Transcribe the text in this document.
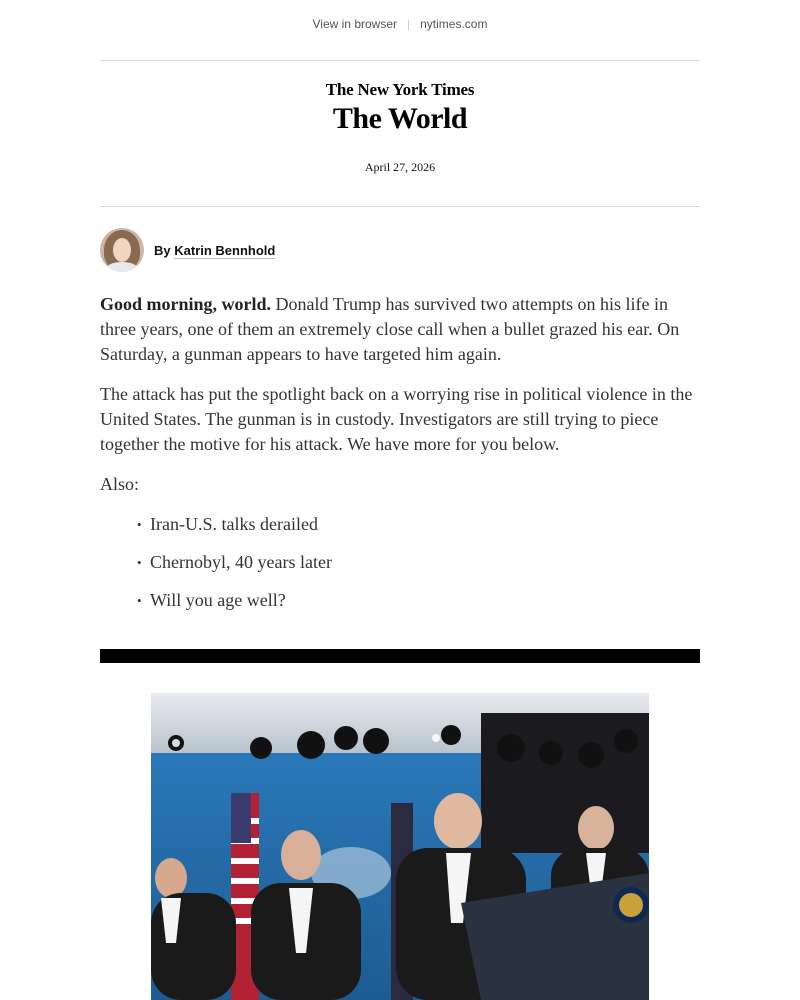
View in browser | nytimes.com
The New York Times
The World
April 27, 2026
By Katrin Bennhold

Good morning, world. Donald Trump has survived two attempts on his life in three years, one of them an extremely close call when a bullet grazed his ear. On Saturday, a gunman appears to have targeted him again.

The attack has put the spotlight back on a worrying rise in political violence in the United States. The gunman is in custody. Investigators are still trying to piece together the motive for his attack. We have more for you below.

Also:

• Iran-U.S. talks derailed
• Chernobyl, 40 years later
• Will you age well?
